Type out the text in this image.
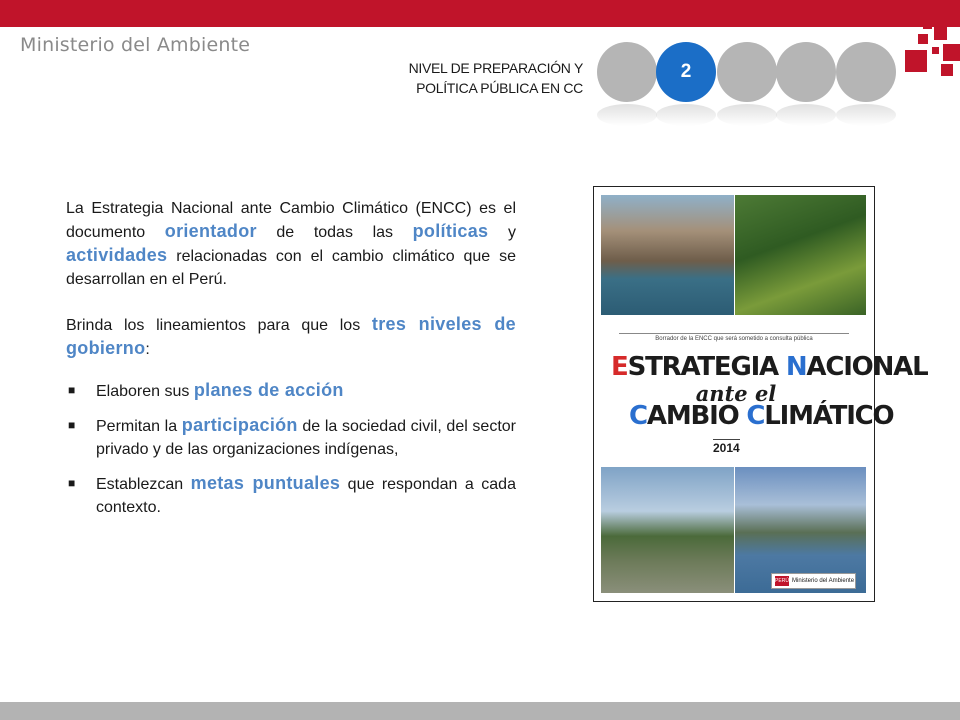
Ministerio del Ambiente
NIVEL DE PREPARACIÓN Y
POLÍTICA PÚBLICA EN CC
2

La Estrategia Nacional ante Cambio Climático (ENCC) es el documento orientador de todas las políticas y actividades relacionadas con el cambio climático que se desarrollan en el Perú.

Brinda los lineamientos para que los tres niveles de gobierno:

■ Elaboren sus planes de acción
■ Permitan la participación de la sociedad civil, del sector privado y de las organizaciones indígenas,
■ Establezcan metas puntuales que respondan a cada contexto.
Borrador de la ENCC que será sometido a consulta pública
ESTRATEGIA NACIONAL
ante el
CAMBIO CLIMÁTICO
2014
PERÚ Ministerio del Ambiente
